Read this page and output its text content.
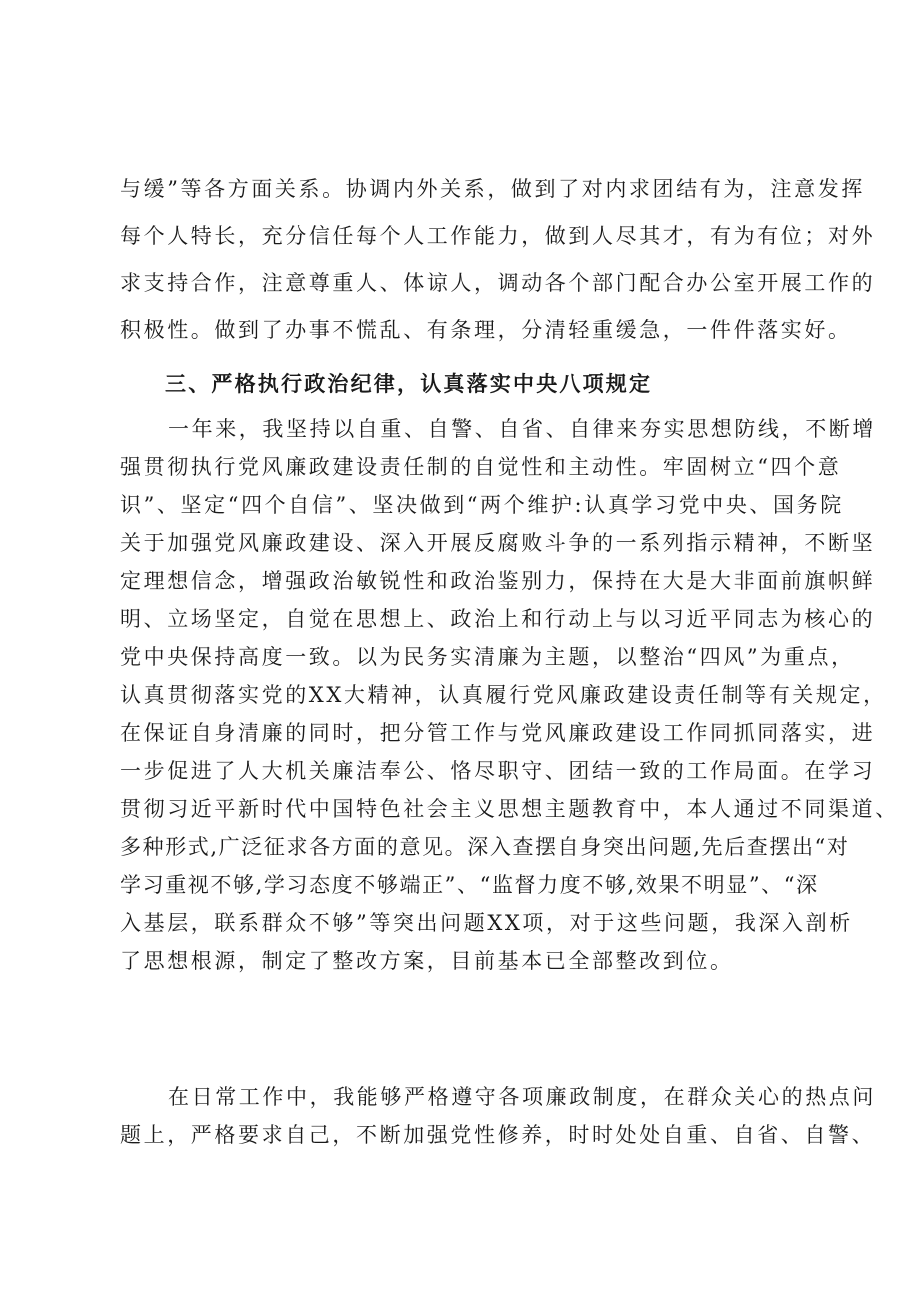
与缓”等各方面关系。协调内外关系，做到了对内求团结有为，注意发挥
每个人特长，充分信任每个人工作能力，做到人尽其才，有为有位；对外
求支持合作，注意尊重人、体谅人，调动各个部门配合办公室开展工作的
积极性。做到了办事不慌乱、有条理，分清轻重缓急，一件件落实好。
三、严格执行政治纪律，认真落实中央八项规定
一年来，我坚持以自重、自警、自省、自律来夯实思想防线，不断增
强贯彻执行党风廉政建设责任制的自觉性和主动性。牢固树立“四个意
识”、坚定“四个自信”、坚决做到“两个维护:认真学习党中央、国务院
关于加强党风廉政建设、深入开展反腐败斗争的一系列指示精神，不断坚
定理想信念，增强政治敏锐性和政治鉴别力，保持在大是大非面前旗帜鲜
明、立场坚定，自觉在思想上、政治上和行动上与以习近平同志为核心的
党中央保持高度一致。以为民务实清廉为主题，以整治“四风”为重点，
认真贯彻落实党的XX大精神，认真履行党风廉政建设责任制等有关规定，
在保证自身清廉的同时，把分管工作与党风廉政建设工作同抓同落实，进
一步促进了人大机关廉洁奉公、恪尽职守、团结一致的工作局面。在学习
贯彻习近平新时代中国特色社会主义思想主题教育中，本人通过不同渠道、
多种形式,广泛征求各方面的意见。深入查摆自身突出问题,先后查摆出“对
学习重视不够,学习态度不够端正”、“监督力度不够,效果不明显”、“深
入基层，联系群众不够”等突出问题XX项，对于这些问题，我深入剖析
了思想根源，制定了整改方案，目前基本已全部整改到位。
在日常工作中，我能够严格遵守各项廉政制度，在群众关心的热点问
题上，严格要求自己，不断加强党性修养，时时处处自重、自省、自警、
